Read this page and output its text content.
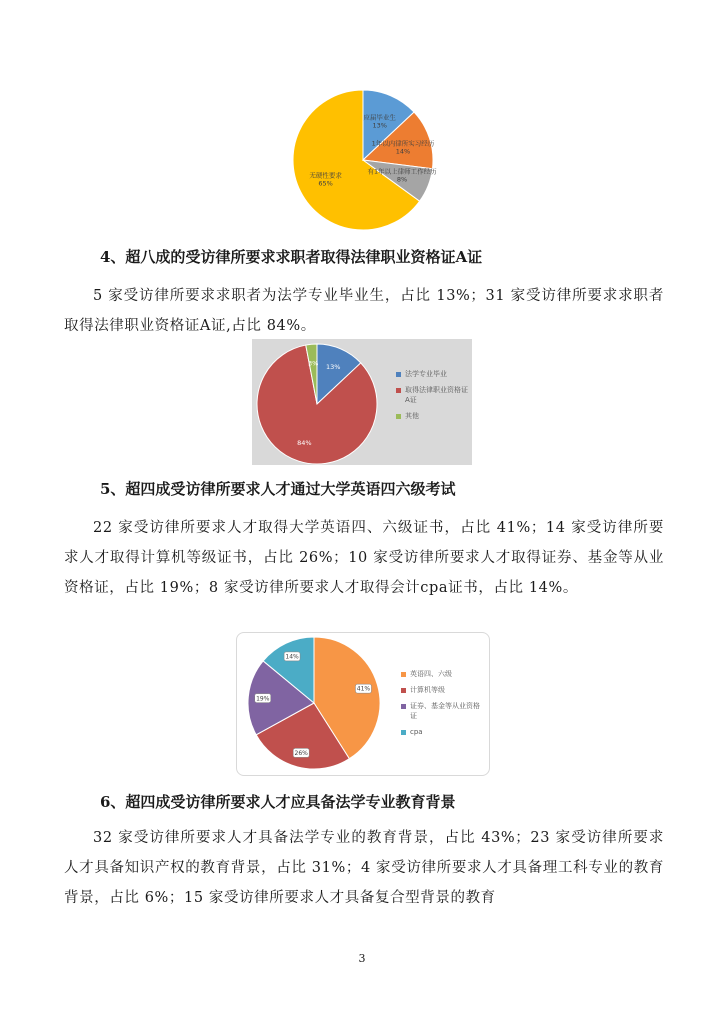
无硬性要求 65%
应届毕业生 13%
1年以内律所实习经历 14%
有1年以上律师工作经历 8%
4、超八成的受访律所要求求职者取得法律职业资格证A证
5 家受访律所要求求职者为法学专业毕业生，占比 13%；31 家受访律所要求求职者取得法律职业资格证A证,占比 84%。
13%
84%
3%
法学专业毕业
取得法律职业资格证A证
其他
5、超四成受访律所要求人才通过大学英语四六级考试
22 家受访律所要求人才取得大学英语四、六级证书，占比 41%；14 家受访律所要求人才取得计算机等级证书，占比 26%；10 家受访律所要求人才取得证券、基金等从业资格证，占比 19%；8 家受访律所要求人才取得会计cpa证书，占比 14%。
41%
26%
19%
14%
英语四、六级
计算机等级
证券、基金等从业资格证
cpa
6、超四成受访律所要求人才应具备法学专业教育背景
32 家受访律所要求人才具备法学专业的教育背景，占比 43%；23 家受访律所要求人才具备知识产权的教育背景，占比 31%；4 家受访律所要求人才具备理工科专业的教育背景，占比 6%；15 家受访律所要求人才具备复合型背景的教育
3
